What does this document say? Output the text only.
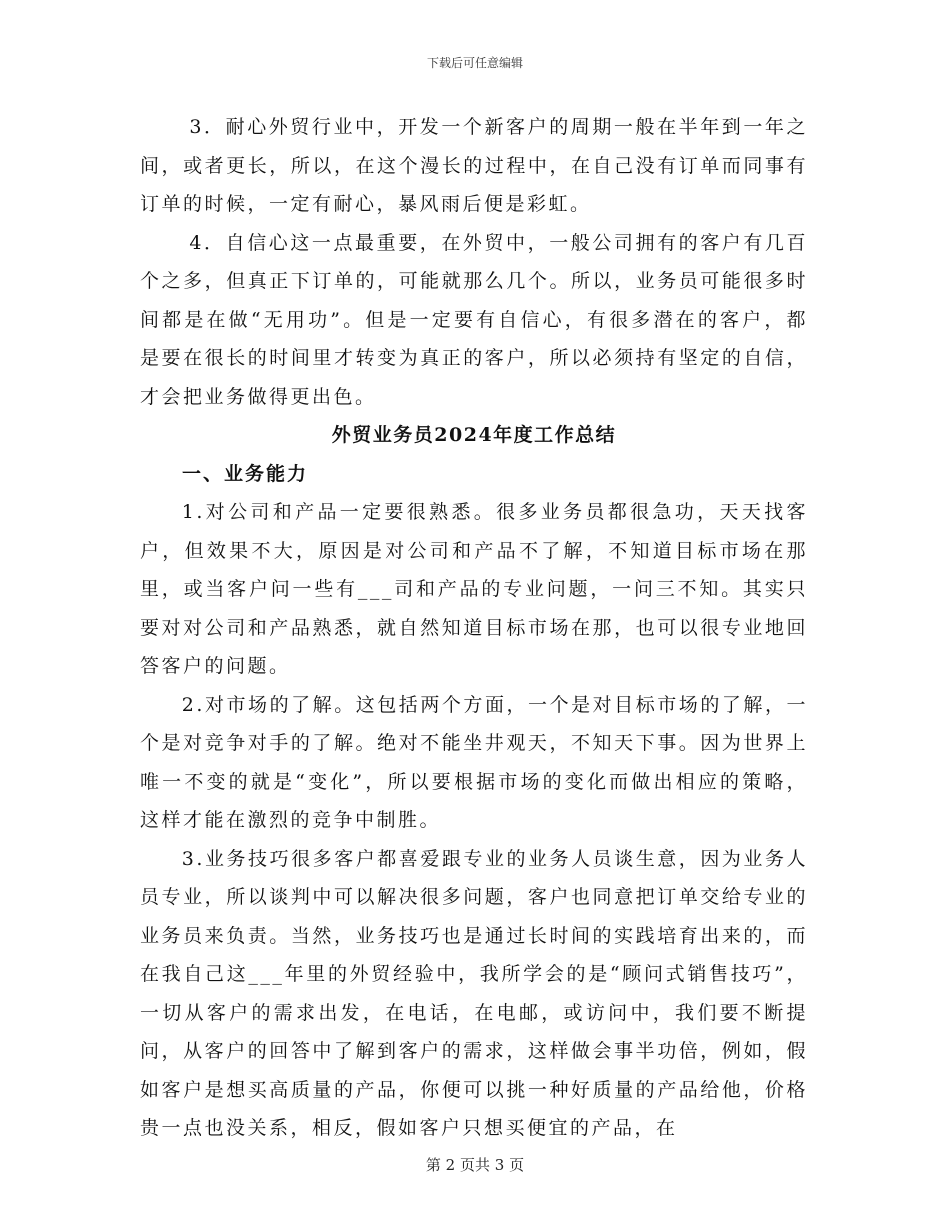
下载后可任意编辑

3．耐心外贸行业中，开发一个新客户的周期一般在半年到一年之间，或者更长，所以，在这个漫长的过程中，在自己没有订单而同事有订单的时候，一定有耐心，暴风雨后便是彩虹。

4．自信心这一点最重要，在外贸中，一般公司拥有的客户有几百个之多，但真正下订单的，可能就那么几个。所以，业务员可能很多时间都是在做“无用功”。但是一定要有自信心，有很多潜在的客户，都是要在很长的时间里才转变为真正的客户，所以必须持有坚定的自信，才会把业务做得更出色。

外贸业务员2024年度工作总结
一、业务能力

1.对公司和产品一定要很熟悉。很多业务员都很急功，天天找客户，但效果不大，原因是对公司和产品不了解，不知道目标市场在那里，或当客户问一些有___司和产品的专业问题，一问三不知。其实只要对对公司和产品熟悉，就自然知道目标市场在那，也可以很专业地回答客户的问题。

2.对市场的了解。这包括两个方面，一个是对目标市场的了解，一个是对竞争对手的了解。绝对不能坐井观天，不知天下事。因为世界上唯一不变的就是“变化”，所以要根据市场的变化而做出相应的策略，这样才能在激烈的竞争中制胜。

3.业务技巧很多客户都喜爱跟专业的业务人员谈生意，因为业务人员专业，所以谈判中可以解决很多问题，客户也同意把订单交给专业的业务员来负责。当然，业务技巧也是通过长时间的实践培育出来的，而在我自己这___年里的外贸经验中，我所学会的是“顾问式销售技巧”，一切从客户的需求出发，在电话，在电邮，或访问中，我们要不断提问，从客户的回答中了解到客户的需求，这样做会事半功倍，例如，假如客户是想买高质量的产品，你便可以挑一种好质量的产品给他，价格贵一点也没关系，相反，假如客户只想买便宜的产品，在

第 2 页共 3 页
